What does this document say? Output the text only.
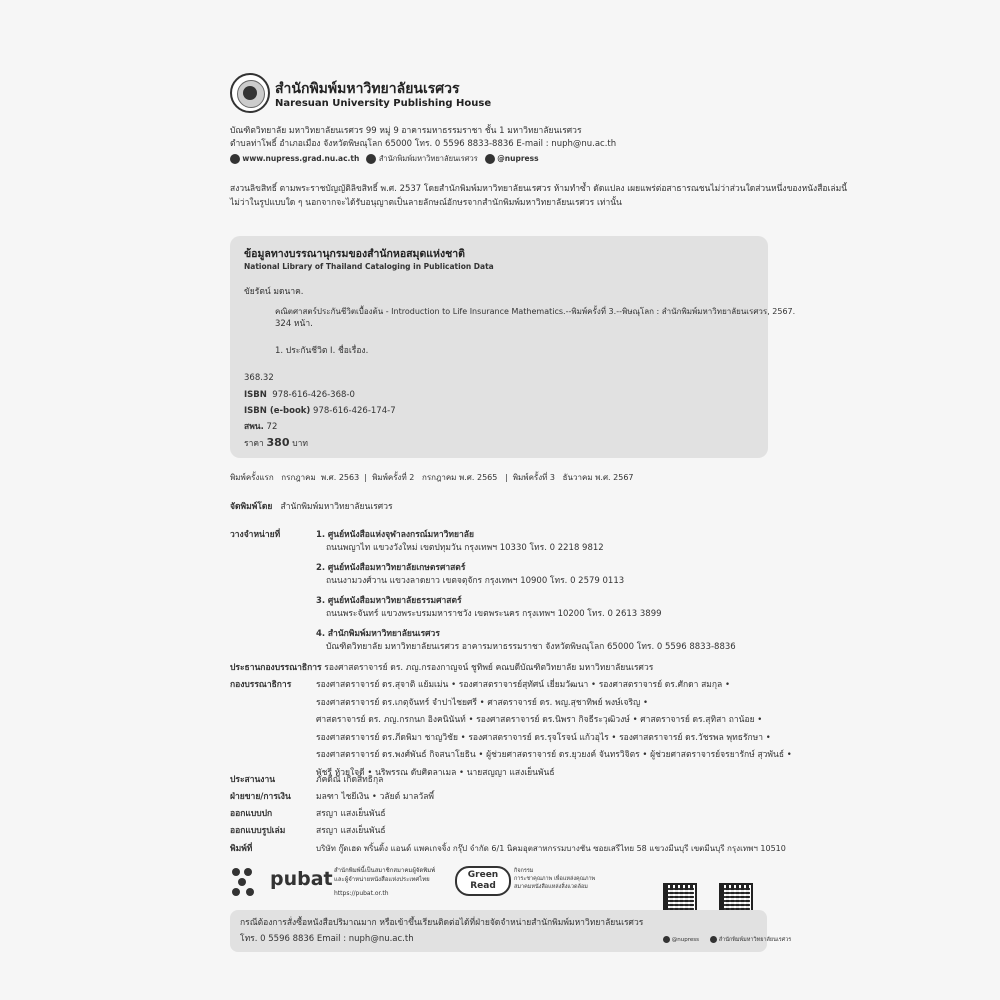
สำนักพิมพ์มหาวิทยาลัยนเรศวร
Naresuan University Publishing House
บัณฑิตวิทยาลัย มหาวิทยาลัยนเรศวร 99 หมู่ 9 อาคารมหาธรรมราชา ชั้น 1 มหาวิทยาลัยนเรศวร
ตำบลท่าโพธิ์ อำเภอเมือง จังหวัดพิษณุโลก 65000 โทร. 0 5596 8833-8836 E-mail : nuph@nu.ac.th
www.nupress.grad.nu.ac.th	สำนักพิมพ์มหาวิทยาลัยนเรศวร	@nupress
สงวนลิขสิทธิ์ ตามพระราชบัญญัติลิขสิทธิ์ พ.ศ. 2537 โดยสำนักพิมพ์มหาวิทยาลัยนเรศวร ห้ามทำซ้ำ ดัดแปลง เผยแพร่ต่อสาธารณชนไม่ว่าส่วนใดส่วนหนึ่งของหนังสือเล่มนี้
ไม่ว่าในรูปแบบใด ๆ นอกจากจะได้รับอนุญาตเป็นลายลักษณ์อักษรจากสำนักพิมพ์มหาวิทยาลัยนเรศวร เท่านั้น
ข้อมูลทางบรรณานุกรมของสำนักหอสมุดแห่งชาติ
National Library of Thailand Cataloging in Publication Data
ขัยรัตน์ มดนาค.
คณิตศาสตร์ประกันชีวิตเบื้องต้น - Introduction to Life Insurance Mathematics.--พิมพ์ครั้งที่ 3.--พิษณุโลก : สำนักพิมพ์มหาวิทยาลัยนเรศวร, 2567.
324 หน้า.
1. ประกันชีวิต I. ชื่อเรื่อง.
368.32
ISBN 978-616-426-368-0
ISBN (e-book) 978-616-426-174-7
สพน. 72
ราคา 380 บาท
พิมพ์ครั้งแรก   กรกฎาคม  พ.ศ. 2563  |  พิมพ์ครั้งที่ 2   กรกฎาคม พ.ศ. 2565   |  พิมพ์ครั้งที่ 3   ธันวาคม พ.ศ. 2567
จัดพิมพ์โดย สำนักพิมพ์มหาวิทยาลัยนเรศวร
วางจำหน่ายที่	1. ศูนย์หนังสือแห่งจุฬาลงกรณ์มหาวิทยาลัย
ถนนพญาไท แขวงวังใหม่ เขตปทุมวัน กรุงเทพฯ 10330 โทร. 0 2218 9812
2. ศูนย์หนังสือมหาวิทยาลัยเกษตรศาสตร์
ถนนงามวงศ์วาน แขวงลาดยาว เขตจตุจักร กรุงเทพฯ 10900 โทร. 0 2579 0113
3. ศูนย์หนังสือมหาวิทยาลัยธรรมศาสตร์
ถนนพระจันทร์ แขวงพระบรมมหาราชวัง เขตพระนคร กรุงเทพฯ 10200 โทร. 0 2613 3899
4. สำนักพิมพ์มหาวิทยาลัยนเรศวร
บัณฑิตวิทยาลัย มหาวิทยาลัยนเรศวร อาคารมหาธรรมราชา จังหวัดพิษณุโลก 65000 โทร. 0 5596 8833-8836
ประธานกองบรรณาธิการ รองศาสตราจารย์ ดร. ภญ.กรองกาญจน์ ชูทิพย์ คณบดีบัณฑิตวิทยาลัย มหาวิทยาลัยนเรศวร
กองบรรณาธิการ	รองศาสตราจารย์ ดร.สุจาติ แย้มเม่น • รองศาสตราจารย์สุทัศน์ เยี่ยมวัฒนา • รองศาสตราจารย์ ดร.ศักดา สมกุล •
รองศาสตราจารย์ ดร.เกตุจันทร์ จำปาไชยศรี • ศาสตราจารย์ ดร. พญ.สุชาทิพย์ พงษ์เจริญ •
ศาสตราจารย์ ดร. ภญ.กรกนก อิงคนินันท์ • รองศาสตราจารย์ ดร.นิพรา กิจธีระวุฒิวงษ์ • ศาสตราจารย์ ดร.สุทิสา ถาน้อย •
รองศาสตราจารย์ ดร.ภีดพิมา ชาญวิชัย • รองศาสตราจารย์ ดร.รุจโรจน์ แก้วอุไร • รองศาสตราจารย์ ดร.วัชรพล พุทธรักษา •
รองศาสตราจารย์ ดร.พงศ์พันธ์ กิจสนาโยธิน • ผู้ช่วยศาสตราจารย์ ดร.ยุวยงค์ จันทรวิจิตร • ผู้ช่วยศาสตราจารย์จรยารักษ์ สุวพันธ์ •
พัชรี ห้วยใจดี • นริพรรณ ดับศิตลาเมล • นายสญญา แสงเย็นพันธ์
ประสานงาน	ภัคดีณี เกิดสิทธิกุล
ฝ่ายขาย/การเงิน	มลฑา ไชยีเงิน • วลัยต์ มาลวัลพี์
ออกแบบปก	สรญา แสงเย็นพันธ์
ออกแบบรูปเล่ม	สรญา แสงเย็นพันธ์
พิมพ์ที่	บริษัท กู๊ดเฮด พริ้นติ้ง แอนด์ แพคเกจจิ้ง กรุ๊ป จำกัด 6/1 นิคมอุตสาหกรรมบางชัน ซอยเสรีไทย 58 แขวงมีนบุรี เขตมีนบุรี กรุงเทพฯ 10510
pubat สำนักพิมพ์นี้เป็นสมาชิกสมาคมผู้จัดพิมพ์
และผู้จำหน่ายหนังสือแห่งประเทศไทย
https://pubat.or.th
Green
Read
กิจกรรม
การะชาคุณภาพ เพื่อแหล่งคุณภาพ
สมาคมหนังสือแหล่งสิ่งแวดล้อม
กรณีต้องการสั่งซื้อหนังสือปริมาณมาก หรือเข้าขึ้นเรียนติดต่อได้ที่ฝ่ายจัดจำหน่ายสำนักพิมพ์มหาวิทยาลัยนเรศวร
โทร. 0 5596 8836 Email : nuph@nu.ac.th	@nupress	สำนักพิมพ์มหาวิทยาลัยนเรศวร
